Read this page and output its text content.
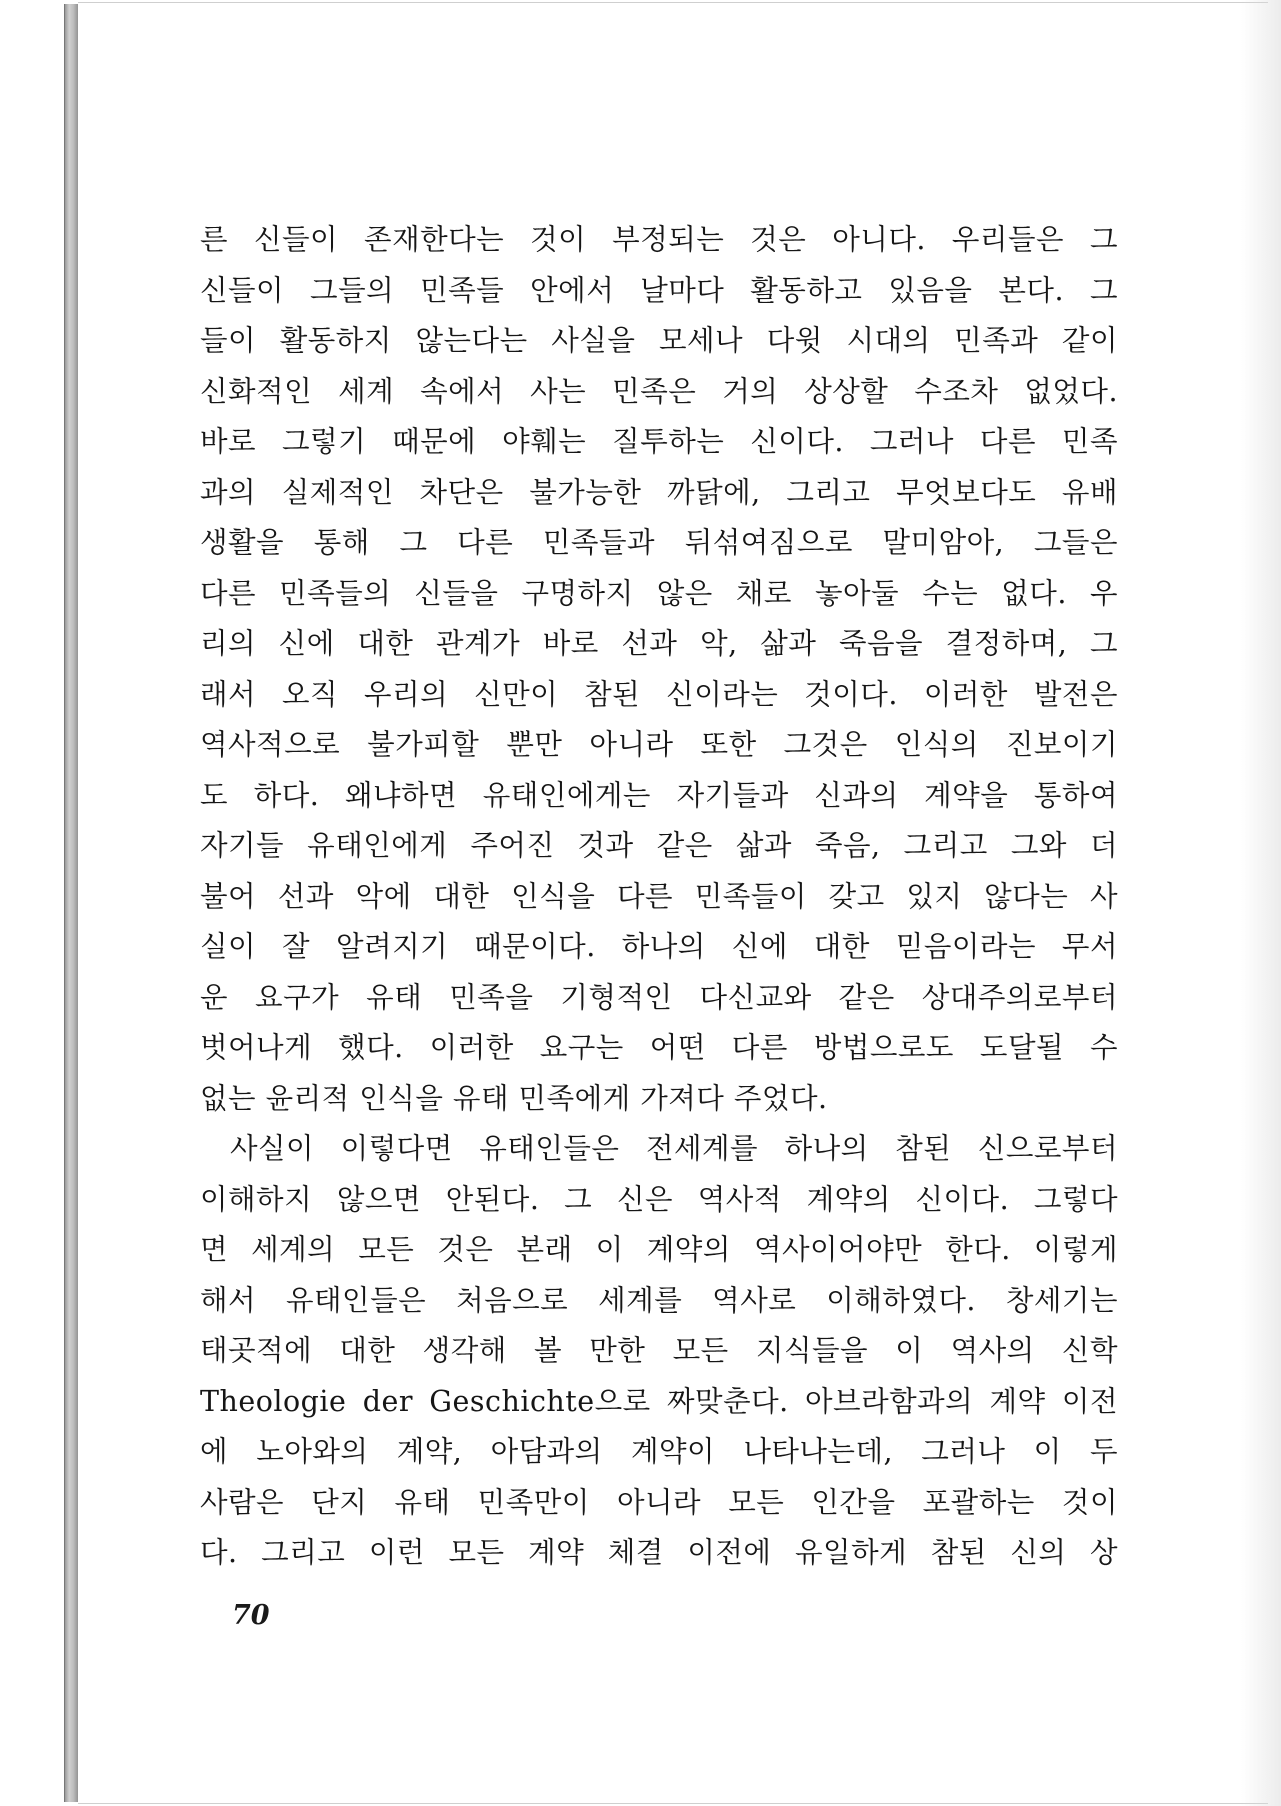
른 신들이 존재한다는 것이 부정되는 것은 아니다. 우리들은 그
신들이 그들의 민족들 안에서 날마다 활동하고 있음을 본다. 그
들이 활동하지 않는다는 사실을 모세나 다윗 시대의 민족과 같이
신화적인 세계 속에서 사는 민족은 거의 상상할 수조차 없었다.
바로 그렇기 때문에 야훼는 질투하는 신이다. 그러나 다른 민족
과의 실제적인 차단은 불가능한 까닭에, 그리고 무엇보다도 유배
생활을 통해 그 다른 민족들과 뒤섞여짐으로 말미암아, 그들은
다른 민족들의 신들을 구명하지 않은 채로 놓아둘 수는 없다. 우
리의 신에 대한 관계가 바로 선과 악, 삶과 죽음을 결정하며, 그
래서 오직 우리의 신만이 참된 신이라는 것이다. 이러한 발전은
역사적으로 불가피할 뿐만 아니라 또한 그것은 인식의 진보이기
도 하다. 왜냐하면 유태인에게는 자기들과 신과의 계약을 통하여
자기들 유태인에게 주어진 것과 같은 삶과 죽음, 그리고 그와 더
불어 선과 악에 대한 인식을 다른 민족들이 갖고 있지 않다는 사
실이 잘 알려지기 때문이다. 하나의 신에 대한 믿음이라는 무서
운 요구가 유태 민족을 기형적인 다신교와 같은 상대주의로부터
벗어나게 했다. 이러한 요구는 어떤 다른 방법으로도 도달될 수
없는 윤리적 인식을 유태 민족에게 가져다 주었다.
사실이 이렇다면 유태인들은 전세계를 하나의 참된 신으로부터
이해하지 않으면 안된다. 그 신은 역사적 계약의 신이다. 그렇다
면 세계의 모든 것은 본래 이 계약의 역사이어야만 한다. 이렇게
해서 유태인들은 처음으로 세계를 역사로 이해하였다. 창세기는
태곳적에 대한 생각해 볼 만한 모든 지식들을 이 역사의 신학
Theologie der Geschichte으로 짜맞춘다. 아브라함과의 계약 이전
에 노아와의 계약, 아담과의 계약이 나타나는데, 그러나 이 두
사람은 단지 유태 민족만이 아니라 모든 인간을 포괄하는 것이
다. 그리고 이런 모든 계약 체결 이전에 유일하게 참된 신의 상
70
